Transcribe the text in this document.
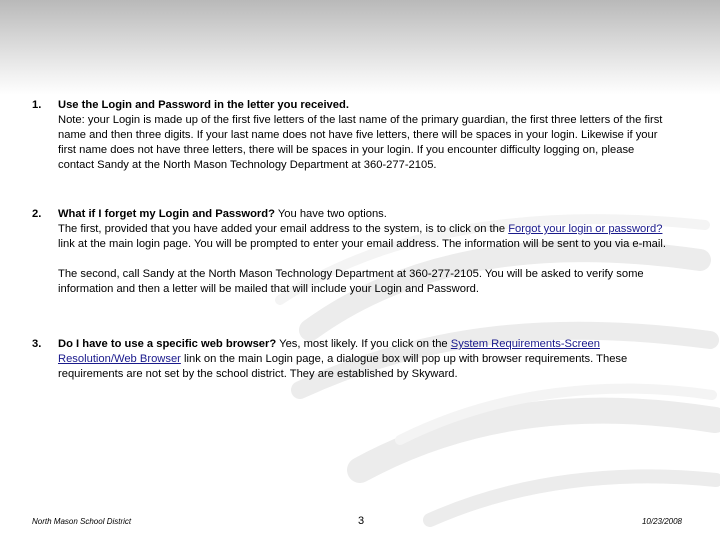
1. Use the Login and Password in the letter you received.
Note: your Login is made up of the first five letters of the last name of the primary guardian, the first three letters of the first name and then three digits. If your last name does not have five letters, there will be spaces in your login. Likewise if your first name does not have three letters, there will be spaces in your login. If you encounter difficulty logging on, please contact Sandy at the North Mason Technology Department at 360-277-2105.
2. What if I forget my Login and Password? You have two options.
The first, provided that you have added your email address to the system, is to click on the Forgot your login or password? link at the main login page. You will be prompted to enter your email address. The information will be sent to you via e-mail.
The second, call Sandy at the North Mason Technology Department at 360-277-2105. You will be asked to verify some information and then a letter will be mailed that will include your Login and Password.
3. Do I have to use a specific web browser? Yes, most likely. If you click on the System Requirements-Screen Resolution/Web Browser link on the main Login page, a dialogue box will pop up with browser requirements. These requirements are not set by the school district. They are established by Skyward.
North Mason School District	3	10/23/2008
